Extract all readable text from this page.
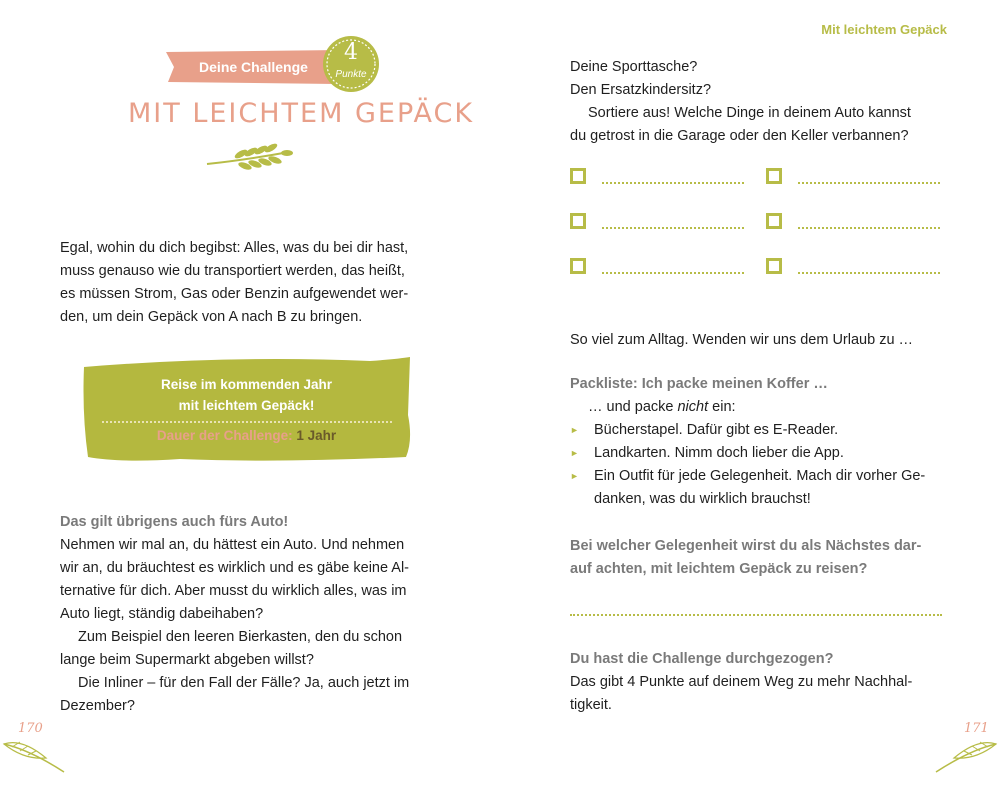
Deine Challenge
4
Punkte
MIT LEICHTEM GEPÄCK

Egal, wohin du dich begibst: Alles, was du bei dir hast,

muss genauso wie du transportiert werden, das heißt,

es müssen Strom, Gas oder Benzin aufgewendet wer-

den, um dein Gepäck von A nach B zu bringen.

Reise im kommenden Jahr
mit leichtem Gepäck!
Dauer der Challenge: 1 Jahr

Das gilt übrigens auch fürs Auto!

Nehmen wir mal an, du hättest ein Auto. Und nehmen

wir an, du bräuchtest es wirklich und es gäbe keine Al-

ternative für dich. Aber musst du wirklich alles, was im

Auto liegt, ständig dabeihaben?

Zum Beispiel den leeren Bierkasten, den du schon

lange beim Supermarkt abgeben willst?

Die Inliner – für den Fall der Fälle? Ja, auch jetzt im

Dezember?

170
Mit leichtem Gepäck

Deine Sporttasche?

Den Ersatzkindersitz?

Sortiere aus! Welche Dinge in deinem Auto kannst

du getrost in die Garage oder den Keller verbannen?

So viel zum Alltag. Wenden wir uns dem Urlaub zu …

Packliste: Ich packe meinen Koffer …

… und packe nicht ein:

► Bücherstapel. Dafür gibt es E-Reader.
► Landkarten. Nimm doch lieber die App.
► Ein Outfit für jede Gelegenheit. Mach dir vorher Ge-

danken, was du wirklich brauchst!

Bei welcher Gelegenheit wirst du als Nächstes dar-

auf achten, mit leichtem Gepäck zu reisen?

Du hast die Challenge durchgezogen?

Das gibt 4 Punkte auf deinem Weg zu mehr Nachhal-

tigkeit.

171
